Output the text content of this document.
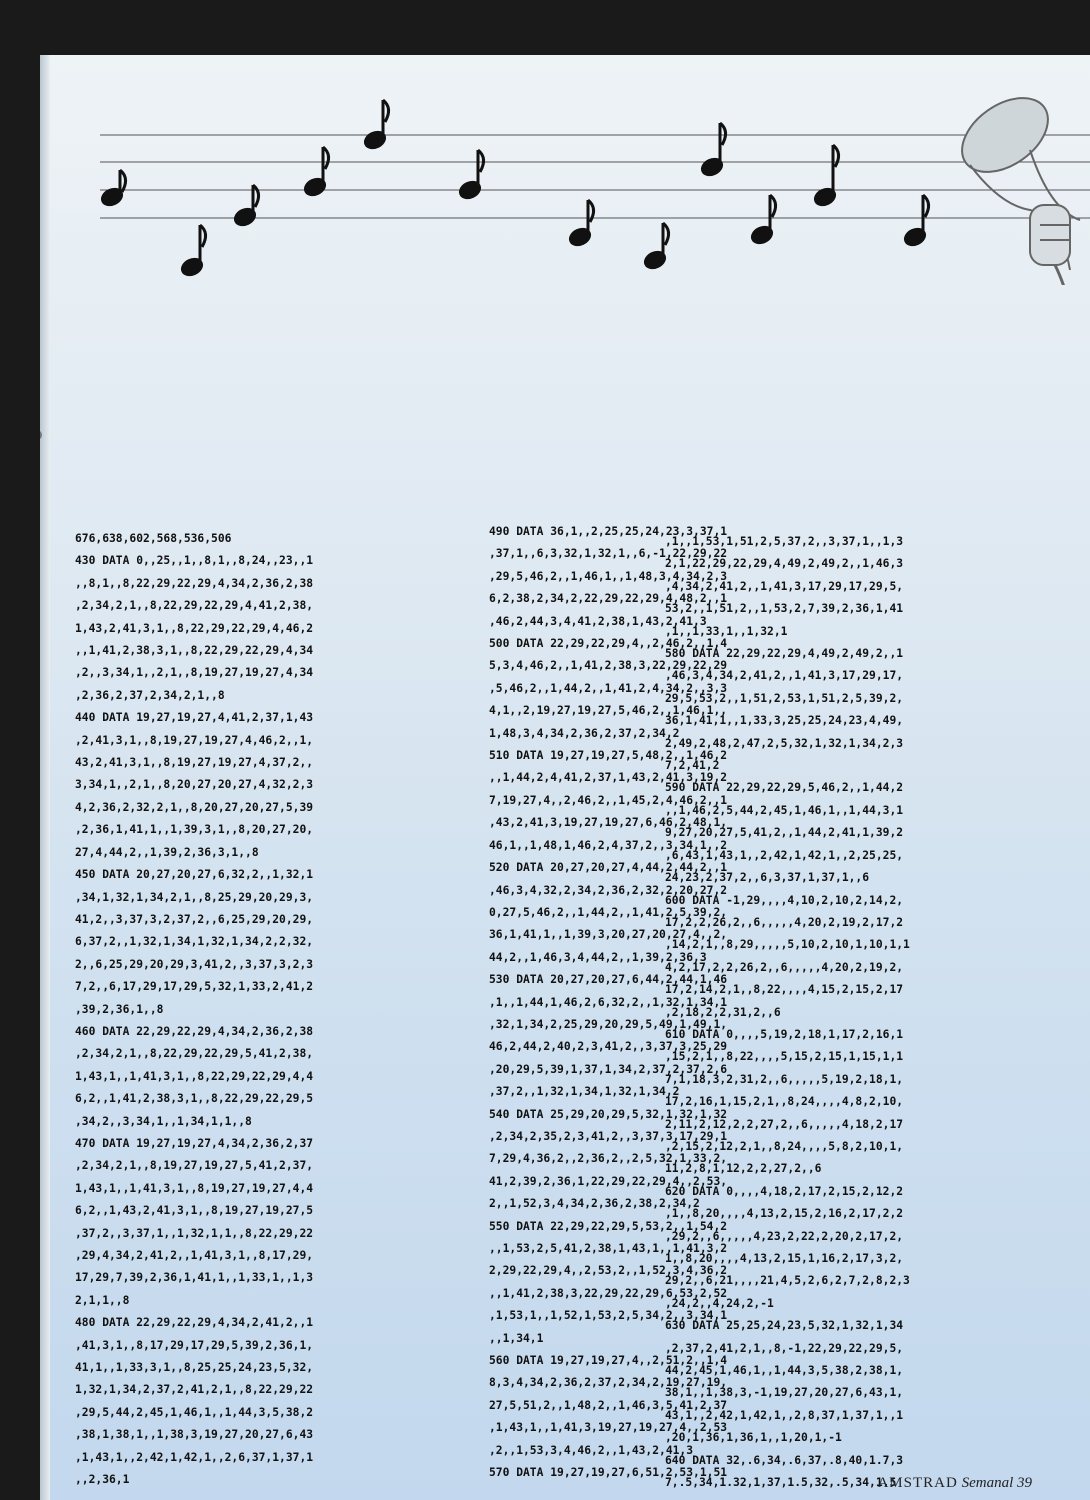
676,638,602,568,536,506
430 DATA 0,,25,,1,,8,1,,8,24,,23,,1
,,8,1,,8,22,29,22,29,4,34,2,36,2,38
,2,34,2,1,,8,22,29,22,29,4,41,2,38,
1,43,2,41,3,1,,8,22,29,22,29,4,46,2
,,1,41,2,38,3,1,,8,22,29,22,29,4,34
,2,,3,34,1,,2,1,,8,19,27,19,27,4,34
,2,36,2,37,2,34,2,1,,8
440 DATA 19,27,19,27,4,41,2,37,1,43
,2,41,3,1,,8,19,27,19,27,4,46,2,,1,
43,2,41,3,1,,8,19,27,19,27,4,37,2,,
3,34,1,,2,1,,8,20,27,20,27,4,32,2,3
4,2,36,2,32,2,1,,8,20,27,20,27,5,39
,2,36,1,41,1,,1,39,3,1,,8,20,27,20,
27,4,44,2,,1,39,2,36,3,1,,8
450 DATA 20,27,20,27,6,32,2,,1,32,1
,34,1,32,1,34,2,1,,8,25,29,20,29,3,
41,2,,3,37,3,2,37,2,,6,25,29,20,29,
6,37,2,,1,32,1,34,1,32,1,34,2,2,32,
2,,6,25,29,20,29,3,41,2,,3,37,3,2,3
7,2,,6,17,29,17,29,5,32,1,33,2,41,2
,39,2,36,1,,8
460 DATA 22,29,22,29,4,34,2,36,2,38
,2,34,2,1,,8,22,29,22,29,5,41,2,38,
1,43,1,,1,41,3,1,,8,22,29,22,29,4,4
6,2,,1,41,2,38,3,1,,8,22,29,22,29,5
,34,2,,3,34,1,,1,34,1,1,,8
470 DATA 19,27,19,27,4,34,2,36,2,37
,2,34,2,1,,8,19,27,19,27,5,41,2,37,
1,43,1,,1,41,3,1,,8,19,27,19,27,4,4
6,2,,1,43,2,41,3,1,,8,19,27,19,27,5
,37,2,,3,37,1,,1,32,1,1,,8,22,29,22
,29,4,34,2,41,2,,1,41,3,1,,8,17,29,
17,29,7,39,2,36,1,41,1,,1,33,1,,1,3
2,1,1,,8
480 DATA 22,29,22,29,4,34,2,41,2,,1
,41,3,1,,8,17,29,17,29,5,39,2,36,1,
41,1,,1,33,3,1,,8,25,25,24,23,5,32,
1,32,1,34,2,37,2,41,2,1,,8,22,29,22
,29,5,44,2,45,1,46,1,,1,44,3,5,38,2
,38,1,38,1,,1,38,3,19,27,20,27,6,43
,1,43,1,,2,42,1,42,1,,2,6,37,1,37,1
,,2,36,1
490 DATA 36,1,,2,25,25,24,23,3,37,1
,37,1,,6,3,32,1,32,1,,6,-1,22,29,22
,29,5,46,2,,1,46,1,,1,48,3,4,34,2,3
6,2,38,2,34,2,22,29,22,29,4,48,2,,1
,46,2,44,3,4,41,2,38,1,43,2,41,3
500 DATA 22,29,22,29,4,,2,46,2,,1,4
5,3,4,46,2,,1,41,2,38,3,22,29,22,29
,5,46,2,,1,44,2,,1,41,2,4,34,2,,3,3
4,1,,2,19,27,19,27,5,46,2,,1,46,1,,
1,48,3,4,34,2,36,2,37,2,34,2
510 DATA 19,27,19,27,5,48,2,,1,46,2
,,1,44,2,4,41,2,37,1,43,2,41,3,19,2
7,19,27,4,,2,46,2,,1,45,2,4,46,2,,1
,43,2,41,3,19,27,19,27,6,46,2,48,1,
46,1,,1,48,1,46,2,4,37,2,,3,34,1,,2
520 DATA 20,27,20,27,4,44,2,44,2,,1
,46,3,4,32,2,34,2,36,2,32,2,20,27,2
0,27,5,46,2,,1,44,2,,1,41,2,5,39,2,
36,1,41,1,,1,39,3,20,27,20,27,4,,2,
44,2,,1,46,3,4,44,2,,1,39,2,36,3
530 DATA 20,27,20,27,6,44,2,44,1,46
,1,,1,44,1,46,2,6,32,2,,1,32,1,34,1
,32,1,34,2,25,29,20,29,5,49,1,49,1,
46,2,44,2,40,2,3,41,2,,3,37,3,25,29
,20,29,5,39,1,37,1,34,2,37,2,37,2,6
,37,2,,1,32,1,34,1,32,1,34,2
540 DATA 25,29,20,29,5,32,1,32,1,32
,2,34,2,35,2,3,41,2,,3,37,3,17,29,1
7,29,4,36,2,,2,36,2,,2,5,32,1,33,2,
41,2,39,2,36,1,22,29,22,29,4,,2,53,
2,,1,52,3,4,34,2,36,2,38,2,34,2
550 DATA 22,29,22,29,5,53,2,,1,54,2
,,1,53,2,5,41,2,38,1,43,1,,1,41,3,2
2,29,22,29,4,,2,53,2,,1,52,3,4,36,2
,,1,41,2,38,3,22,29,22,29,6,53,2,52
,1,53,1,,1,52,1,53,2,5,34,2,,3,34,1
,,1,34,1
560 DATA 19,27,19,27,4,,2,51,2,,1,4
8,3,4,34,2,36,2,37,2,34,2,19,27,19,
27,5,51,2,,1,48,2,,1,46,3,5,41,2,37
,1,43,1,,1,41,3,19,27,19,27,4,,2,53
,2,,1,53,3,4,46,2,,1,43,2,41,3
570 DATA 19,27,19,27,6,51,2,53,1,51
,1,,1,53,1,51,2,5,37,2,,3,37,1,,1,3
2,1,22,29,22,29,4,49,2,49,2,,1,46,3
,4,34,2,41,2,,1,41,3,17,29,17,29,5,
53,2,,1,51,2,,1,53,2,7,39,2,36,1,41
,1,,1,33,1,,1,32,1
580 DATA 22,29,22,29,4,49,2,49,2,,1
,46,3,4,34,2,41,2,,1,41,3,17,29,17,
29,5,53,2,,1,51,2,53,1,51,2,5,39,2,
36,1,41,1,,1,33,3,25,25,24,23,4,49,
2,49,2,48,2,47,2,5,32,1,32,1,34,2,3
7,2,41,2
590 DATA 22,29,22,29,5,46,2,,1,44,2
,,1,46,2,5,44,2,45,1,46,1,,1,44,3,1
9,27,20,27,5,41,2,,1,44,2,41,1,39,2
,6,43,1,43,1,,2,42,1,42,1,,2,25,25,
24,23,2,37,2,,6,3,37,1,37,1,,6
600 DATA -1,29,,,,4,10,2,10,2,14,2,
17,2,2,26,2,,6,,,,,4,20,2,19,2,17,2
,14,2,1,,8,29,,,,,5,10,2,10,1,10,1,1
4,2,17,2,2,26,2,,6,,,,,4,20,2,19,2,
17,2,14,2,1,,8,22,,,,4,15,2,15,2,17
,2,18,2,2,31,2,,6
610 DATA 0,,,,5,19,2,18,1,17,2,16,1
,15,2,1,,8,22,,,,5,15,2,15,1,15,1,1
7,1,18,3,2,31,2,,6,,,,,5,19,2,18,1,
17,2,16,1,15,2,1,,8,24,,,,4,8,2,10,
2,11,2,12,2,2,27,2,,6,,,,,4,18,2,17
,2,15,2,12,2,1,,8,24,,,,5,8,2,10,1,
11,2,8,1,12,2,2,27,2,,6
620 DATA 0,,,,4,18,2,17,2,15,2,12,2
,1,,8,20,,,,4,13,2,15,2,16,2,17,2,2
,29,2,,6,,,,,4,23,2,22,2,20,2,17,2,
1,,8,20,,,,4,13,2,15,1,16,2,17,3,2,
29,2,,6,21,,,,21,4,5,2,6,2,7,2,8,2,3
,24,2,,4,24,2,-1
630 DATA 25,25,24,23,5,32,1,32,1,34
,2,37,2,41,2,1,,8,-1,22,29,22,29,5,
44,2,45,1,46,1,,1,44,3,5,38,2,38,1,
38,1,,1,38,3,-1,19,27,20,27,6,43,1,
43,1,,2,42,1,42,1,,2,8,37,1,37,1,,1
,20,1,36,1,36,1,,1,20,1,-1
640 DATA 32,.6,34,.6,37,.8,40,1.7,3
7,.5,34,1.32,1,37,1.5,32,.5,34,1.5
AMSTRAD Semanal 39
